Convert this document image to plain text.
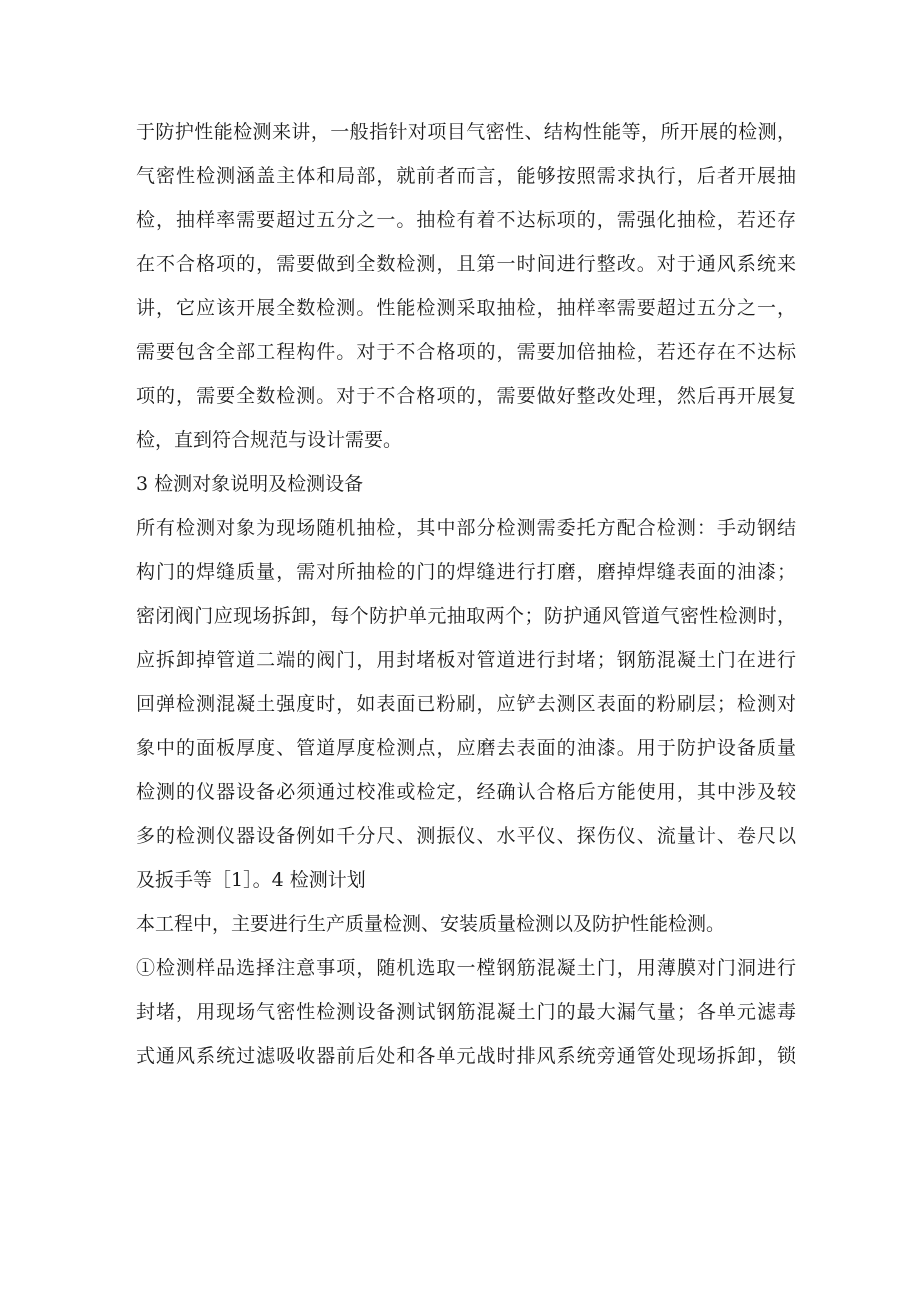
于防护性能检测来讲，一般指针对项目气密性、结构性能等，所开展的检测，
气密性检测涵盖主体和局部，就前者而言，能够按照需求执行，后者开展抽
检，抽样率需要超过五分之一。抽检有着不达标项的，需强化抽检，若还存
在不合格项的，需要做到全数检测，且第一时间进行整改。对于通风系统来
讲，它应该开展全数检测。性能检测采取抽检，抽样率需要超过五分之一，
需要包含全部工程构件。对于不合格项的，需要加倍抽检，若还存在不达标
项的，需要全数检测。对于不合格项的，需要做好整改处理，然后再开展复
检，直到符合规范与设计需要。
3 检测对象说明及检测设备
所有检测对象为现场随机抽检，其中部分检测需委托方配合检测：手动钢结
构门的焊缝质量，需对所抽检的门的焊缝进行打磨，磨掉焊缝表面的油漆；
密闭阀门应现场拆卸，每个防护单元抽取两个；防护通风管道气密性检测时，
应拆卸掉管道二端的阀门，用封堵板对管道进行封堵；钢筋混凝土门在进行
回弹检测混凝土强度时，如表面已粉刷，应铲去测区表面的粉刷层；检测对
象中的面板厚度、管道厚度检测点，应磨去表面的油漆。用于防护设备质量
检测的仪器设备必须通过校准或检定，经确认合格后方能使用，其中涉及较
多的检测仪器设备例如千分尺、测振仪、水平仪、探伤仪、流量计、卷尺以
及扳手等［1］。4 检测计划
本工程中，主要进行生产质量检测、安装质量检测以及防护性能检测。
①检测样品选择注意事项，随机选取一樘钢筋混凝土门，用薄膜对门洞进行
封堵，用现场气密性检测设备测试钢筋混凝土门的最大漏气量；各单元滤毒
式通风系统过滤吸收器前后处和各单元战时排风系统旁通管处现场拆卸，锁
